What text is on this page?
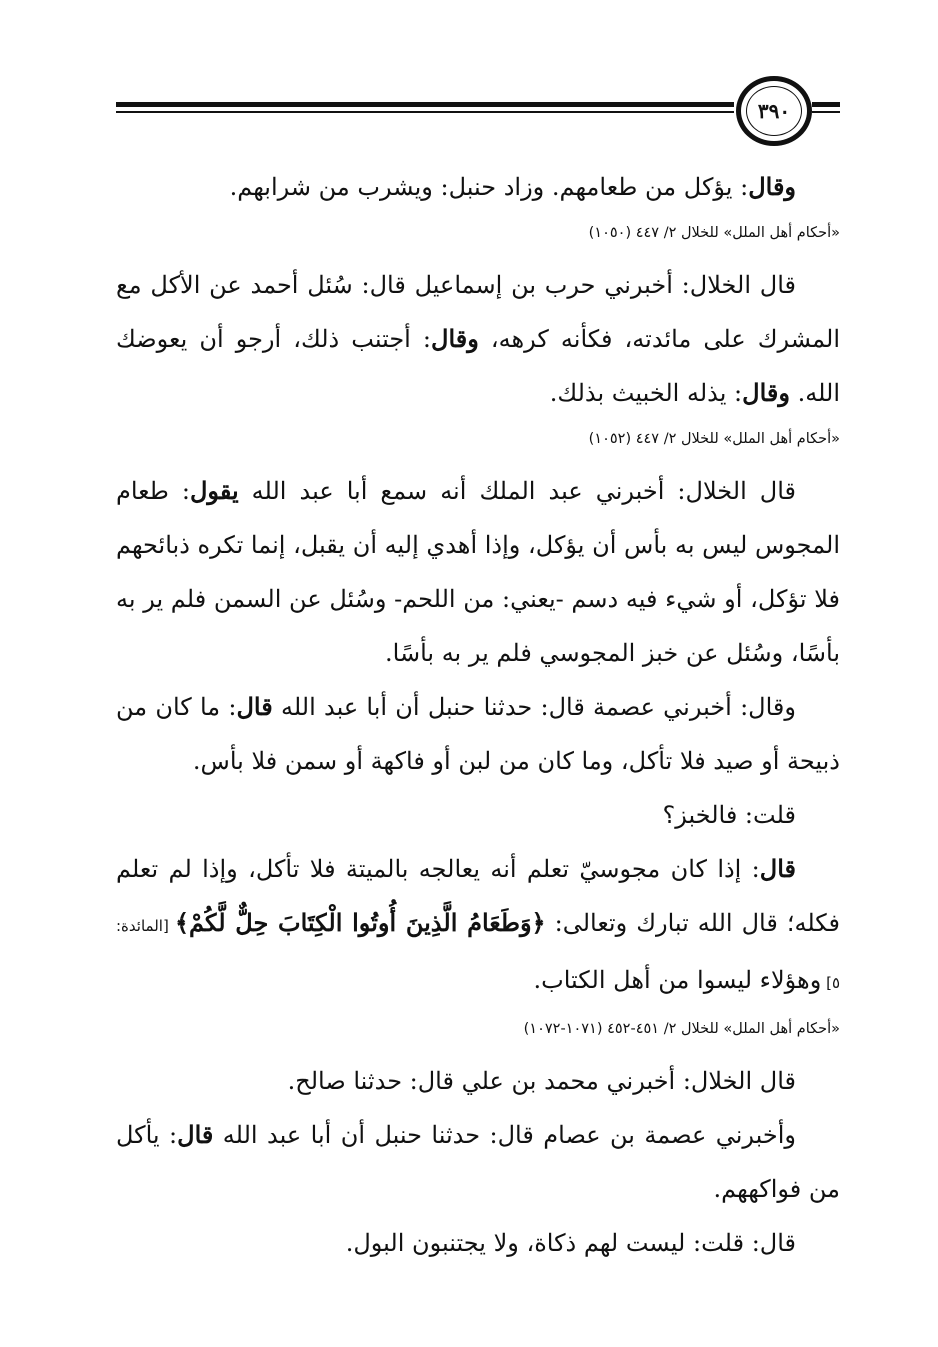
٣٩٠

وقال: يؤكل من طعامهم. وزاد حنبل: ويشرب من شرابهم.

«أحكام أهل الملل» للخلال ٢/ ٤٤٧ (١٠٥٠)

قال الخلال: أخبرني حرب بن إسماعيل قال: سُئل أحمد عن الأكل مع المشرك على مائدته، فكأنه كرهه، وقال: أجتنب ذلك، أرجو أن يعوضك الله. وقال: يذله الخبيث بذلك.

«أحكام أهل الملل» للخلال ٢/ ٤٤٧ (١٠٥٢)

قال الخلال: أخبرني عبد الملك أنه سمع أبا عبد الله يقول: طعام المجوس ليس به بأس أن يؤكل، وإذا أهدي إليه أن يقبل، إنما تكره ذبائحهم فلا تؤكل، أو شيء فيه دسم -يعني: من اللحم- وسُئل عن السمن فلم ير به بأسًا، وسُئل عن خبز المجوسي فلم ير به بأسًا.

وقال: أخبرني عصمة قال: حدثنا حنبل أن أبا عبد الله قال: ما كان من ذبيحة أو صيد فلا تأكل، وما كان من لبن أو فاكهة أو سمن فلا بأس.

قلت: فالخبز؟

قال: إذا كان مجوسيّ تعلم أنه يعالجه بالميتة فلا تأكل، وإذا لم تعلم فكله؛ قال الله تبارك وتعالى: ﴿وَطَعَامُ الَّذِينَ أُوتُوا الْكِتَابَ حِلٌّ لَّكُمْ﴾ [المائدة: ٥] وهؤلاء ليسوا من أهل الكتاب.

«أحكام أهل الملل» للخلال ٢/ ٤٥١-٤٥٢ (١٠٧١-١٠٧٢)

قال الخلال: أخبرني محمد بن علي قال: حدثنا صالح.

وأخبرني عصمة بن عصام قال: حدثنا حنبل أن أبا عبد الله قال: يأكل من فواكههم.

قال: قلت: ليست لهم ذكاة، ولا يجتنبون البول.
